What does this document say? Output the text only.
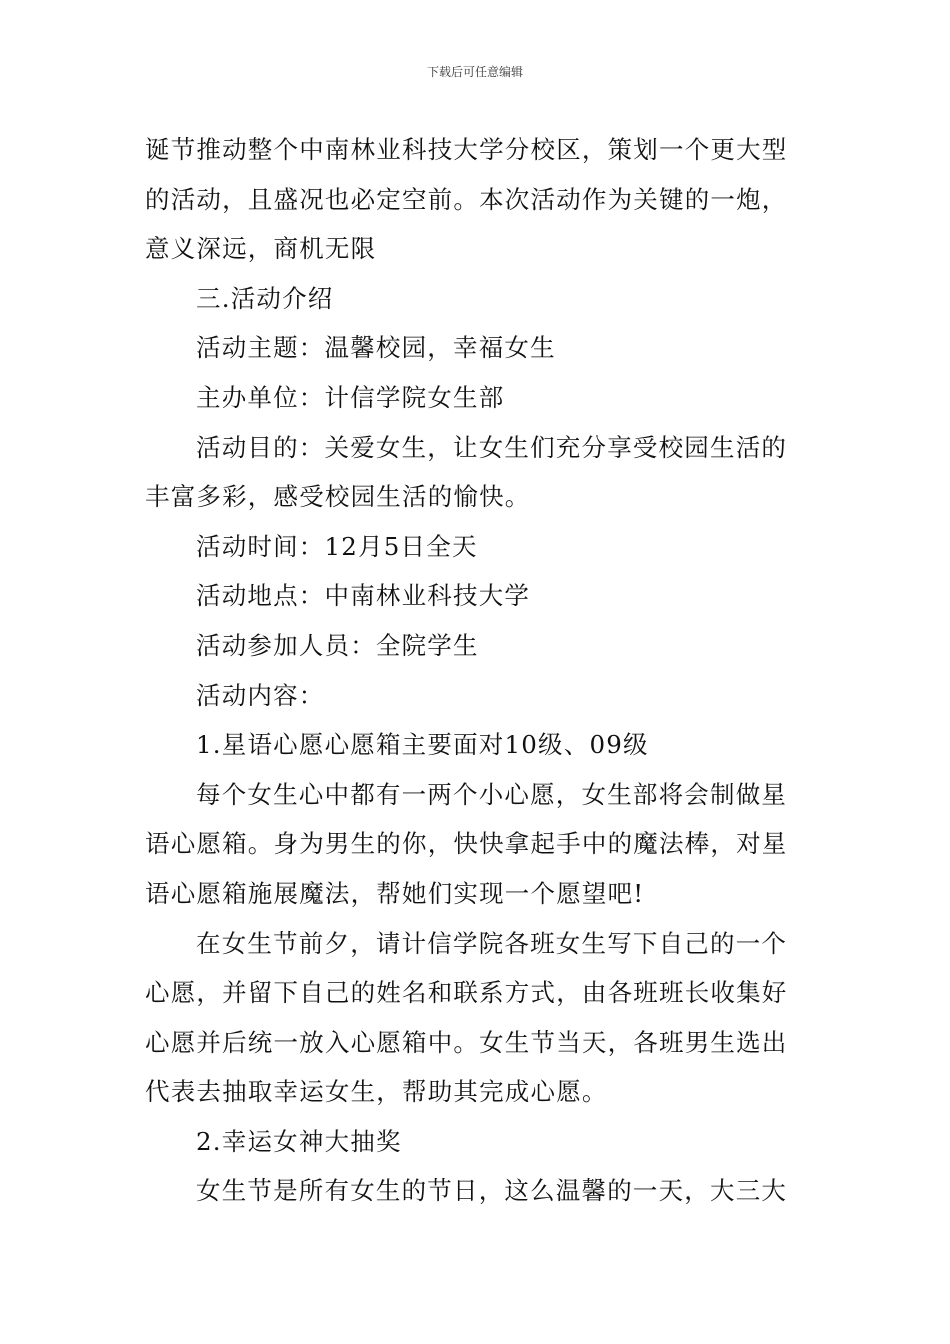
下载后可任意编辑

诞节推动整个中南林业科技大学分校区，策划一个更大型的活动，且盛况也必定空前。本次活动作为关键的一炮，意义深远，商机无限

三.活动介绍

活动主题：温馨校园，幸福女生

主办单位：计信学院女生部

活动目的：关爱女生，让女生们充分享受校园生活的丰富多彩，感受校园生活的愉快。

活动时间：12月5日全天

活动地点：中南林业科技大学

活动参加人员：全院学生

活动内容：

1.星语心愿心愿箱主要面对10级、09级

每个女生心中都有一两个小心愿，女生部将会制做星语心愿箱。身为男生的你，快快拿起手中的魔法棒，对星语心愿箱施展魔法，帮她们实现一个愿望吧!

在女生节前夕，请计信学院各班女生写下自己的一个心愿，并留下自己的姓名和联系方式，由各班班长收集好心愿并后统一放入心愿箱中。女生节当天，各班男生选出代表去抽取幸运女生，帮助其完成心愿。

2.幸运女神大抽奖

女生节是所有女生的节日，这么温馨的一天，大三大
